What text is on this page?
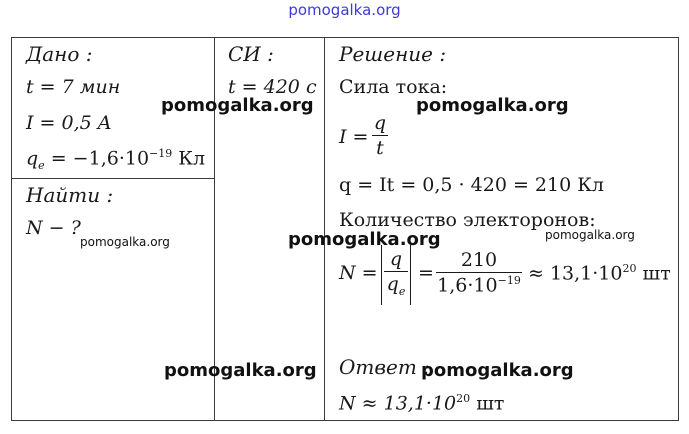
pomogalka.org
Дано :
t = 7 мин
I = 0,5 A
$q_e = -1,6\cdot 10^{-19}$ Кл
Найти :
N − ?
СИ :
t = 420 с
Решение :
Сила тока:
I =
q
t
q = It = 0,5 · 420 = 210 Кл
Количество электоронов:
N =
q
$q_e$
=
210
$1,6\cdot 10^{-19} \approx 13,1\cdot 10^{20}$ шт
Ответ :
$N \approx 13,1\cdot 10^{20}$ шт
pomogalka.org	pomogalka.org
pomogalka.org	pomogalka.org	pomogalka.org
pomogalka.org	pomogalka.org
